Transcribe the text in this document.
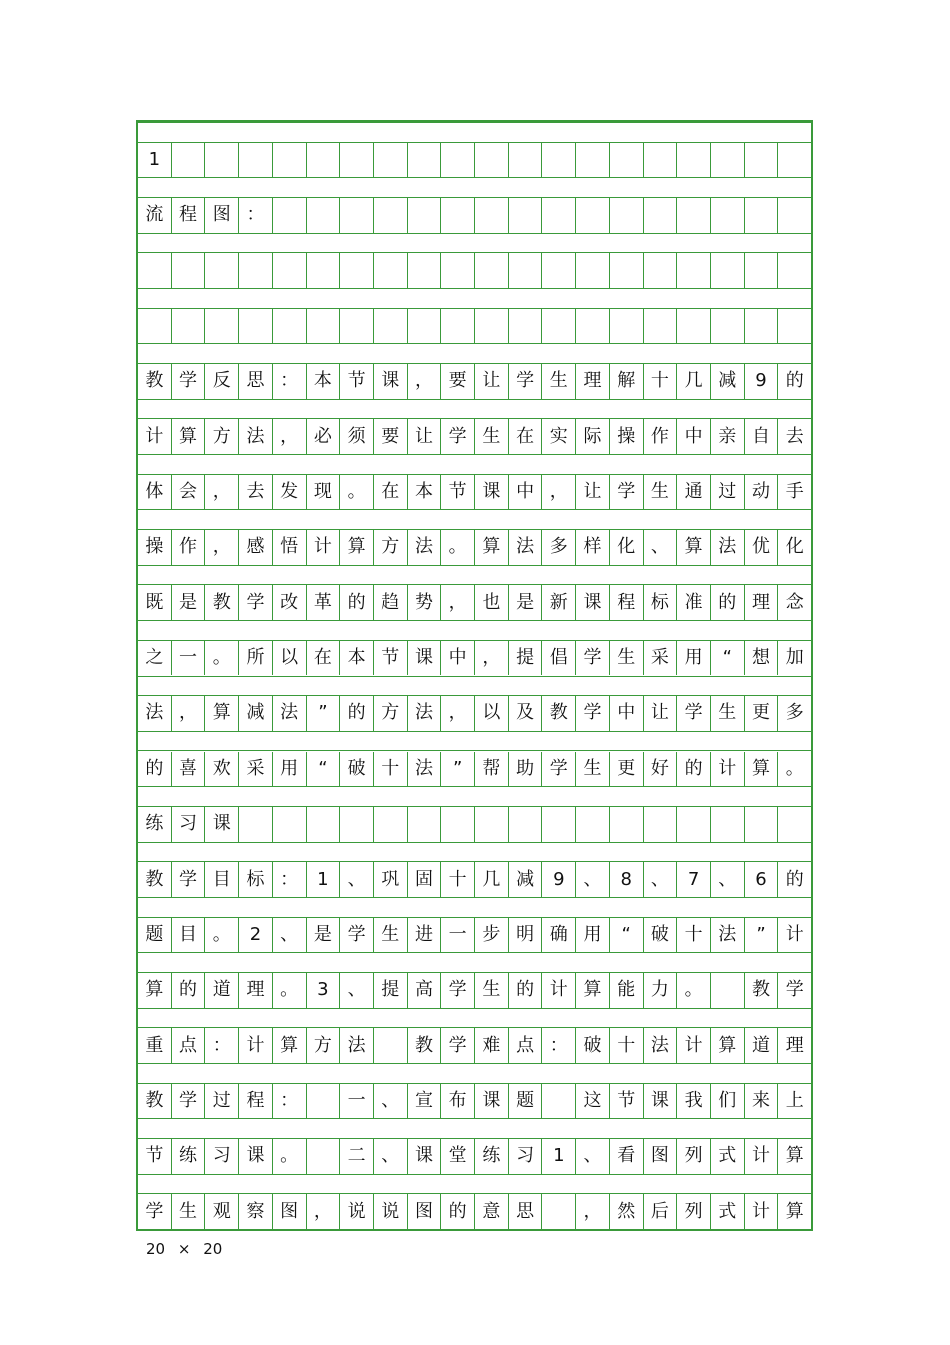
1
流 程 图 ：
教 学 反 思 ： 本 节 课 ， 要 让 学 生 理 解 十 几 减 9 的
计 算 方 法 ， 必 须 要 让 学 生 在 实 际 操 作 中 亲 自 去
体 会 ， 去 发 现 。 在 本 节 课 中 ， 让 学 生 通 过 动 手
操 作 ， 感 悟 计 算 方 法 。 算 法 多 样 化 、 算 法 优 化
既 是 教 学 改 革 的 趋 势 ， 也 是 新 课 程 标 准 的 理 念
之 一 。 所 以 在 本 节 课 中 ， 提 倡 学 生 采 用 “ 想 加
法 ， 算 减 法 ” 的 方 法 ， 以 及 教 学 中 让 学 生 更 多
的 喜 欢 采 用 “ 破 十 法 ” 帮 助 学 生 更 好 的 计 算 。
练 习 课
教 学 目 标 ： 1 、 巩 固 十 几 减 9 、 8 、 7 、 6 的
题 目 。 2 、 是 学 生 进 一 步 明 确 用 “ 破 十 法 ” 计
算 的 道 理 。 3 、 提 高 学 生 的 计 算 能 力 。	教 学
重 点 ： 计 算 方 法	教 学 难 点 ： 破 十 法 计 算 道 理
教 学 过 程 ：	一 、 宣 布 课 题	这 节 课 我 们 来 上
节 练 习 课 。	二 、 课 堂 练 习 1 、 看 图 列 式 计 算
学 生 观 察 图 ， 说 说 图 的 意 思	， 然 后 列 式 计 算
20 × 20
